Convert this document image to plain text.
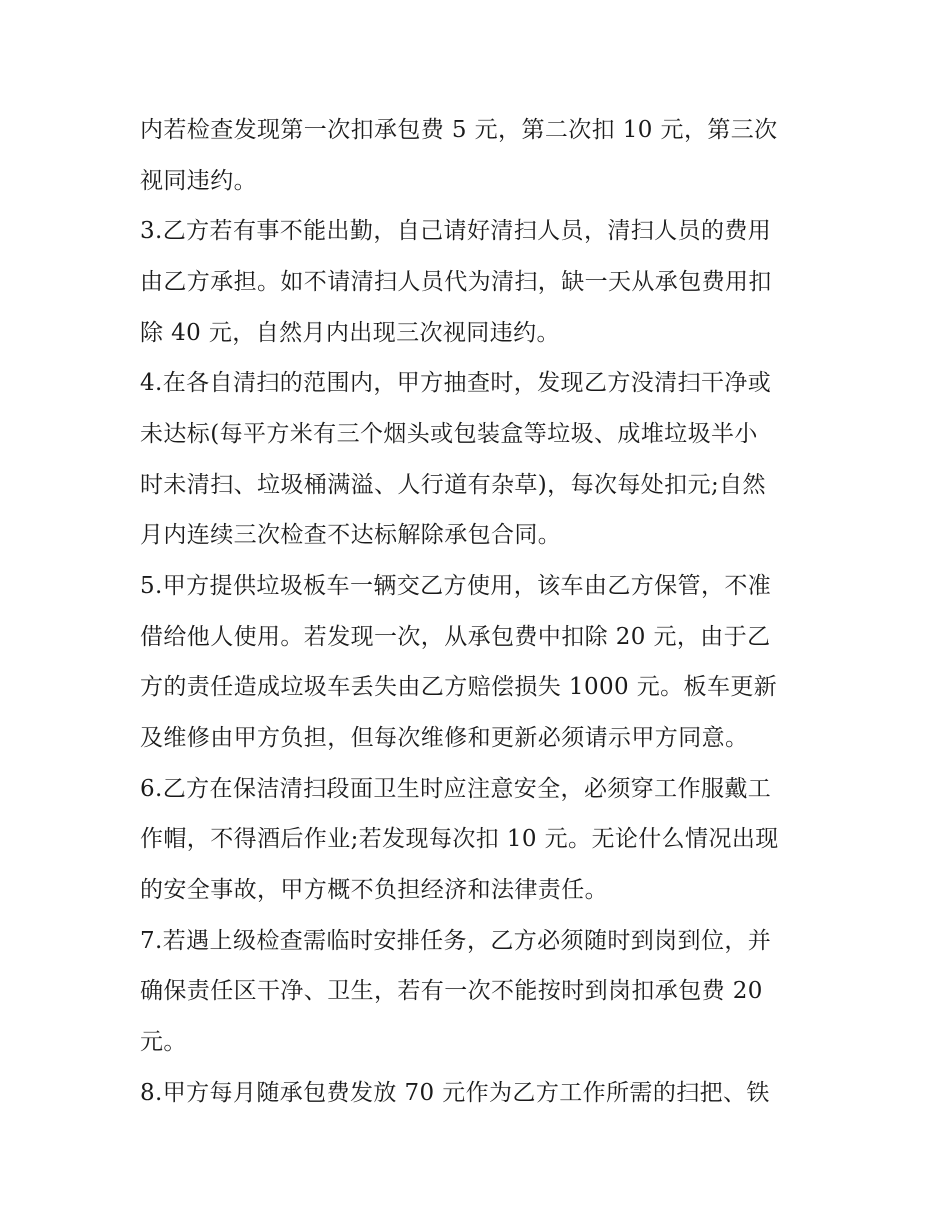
内若检查发现第一次扣承包费 5 元，第二次扣 10 元，第三次
视同违约。
3.乙方若有事不能出勤，自己请好清扫人员，清扫人员的费用
由乙方承担。如不请清扫人员代为清扫，缺一天从承包费用扣
除 40 元，自然月内出现三次视同违约。
4.在各自清扫的范围内，甲方抽查时，发现乙方没清扫干净或
未达标(每平方米有三个烟头或包装盒等垃圾、成堆垃圾半小
时未清扫、垃圾桶满溢、人行道有杂草)，每次每处扣元;自然
月内连续三次检查不达标解除承包合同。
5.甲方提供垃圾板车一辆交乙方使用，该车由乙方保管，不准
借给他人使用。若发现一次，从承包费中扣除 20 元，由于乙
方的责任造成垃圾车丢失由乙方赔偿损失 1000 元。板车更新
及维修由甲方负担，但每次维修和更新必须请示甲方同意。
6.乙方在保洁清扫段面卫生时应注意安全，必须穿工作服戴工
作帽，不得酒后作业;若发现每次扣 10 元。无论什么情况出现
的安全事故，甲方概不负担经济和法律责任。
7.若遇上级检查需临时安排任务，乙方必须随时到岗到位，并
确保责任区干净、卫生，若有一次不能按时到岗扣承包费 20
元。
8.甲方每月随承包费发放 70 元作为乙方工作所需的扫把、铁
